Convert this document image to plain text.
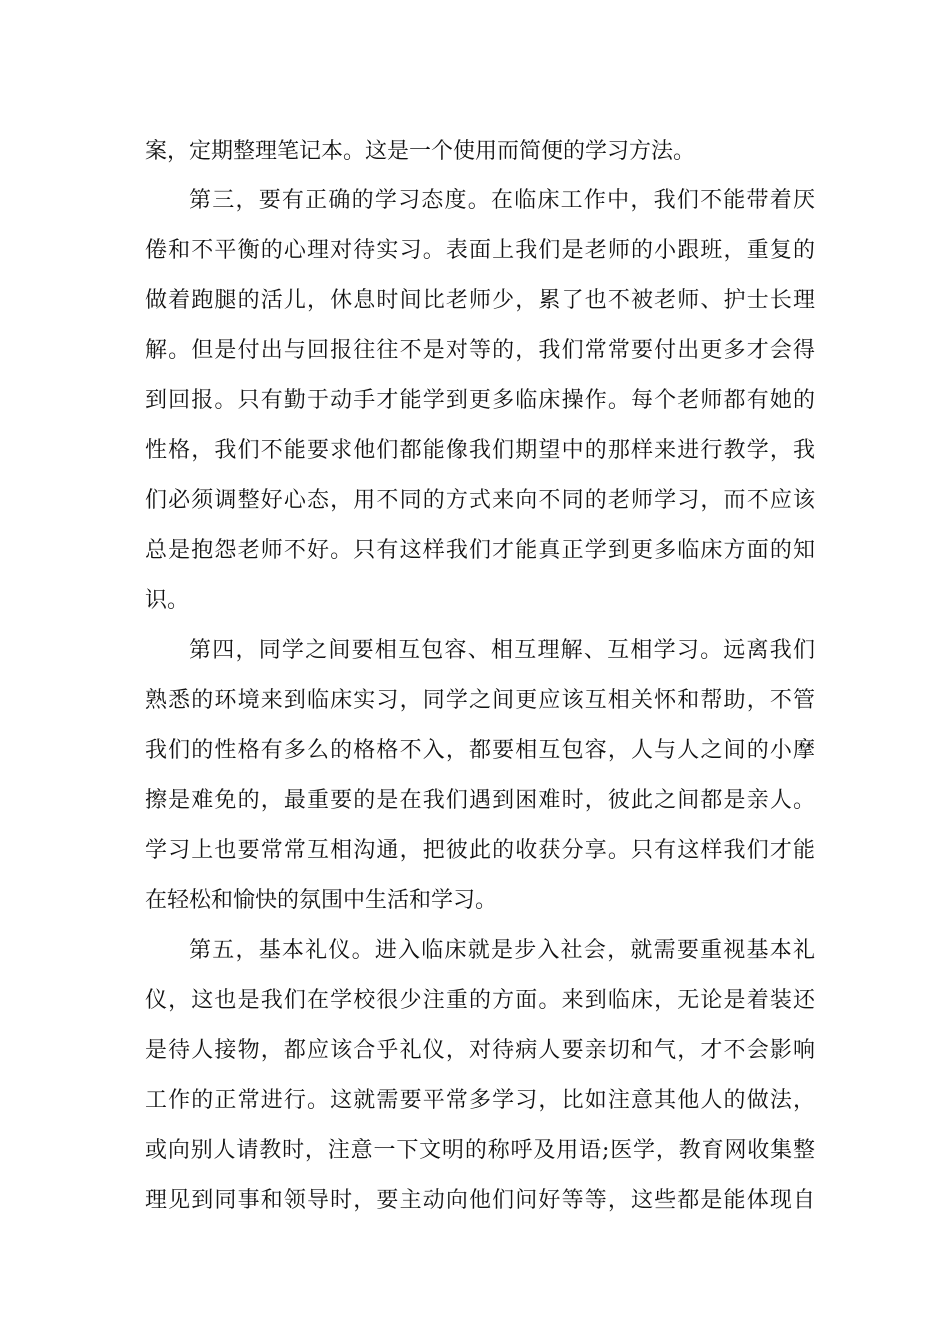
案，定期整理笔记本。这是一个使用而简便的学习方法。
第三，要有正确的学习态度。在临床工作中，我们不能带着厌
倦和不平衡的心理对待实习。表面上我们是老师的小跟班，重复的
做着跑腿的活儿，休息时间比老师少，累了也不被老师、护士长理
解。但是付出与回报往往不是对等的，我们常常要付出更多才会得
到回报。只有勤于动手才能学到更多临床操作。每个老师都有她的
性格，我们不能要求他们都能像我们期望中的那样来进行教学，我
们必须调整好心态，用不同的方式来向不同的老师学习，而不应该
总是抱怨老师不好。只有这样我们才能真正学到更多临床方面的知
识。
第四，同学之间要相互包容、相互理解、互相学习。远离我们
熟悉的环境来到临床实习，同学之间更应该互相关怀和帮助，不管
我们的性格有多么的格格不入，都要相互包容，人与人之间的小摩
擦是难免的，最重要的是在我们遇到困难时，彼此之间都是亲人。
学习上也要常常互相沟通，把彼此的收获分享。只有这样我们才能
在轻松和愉快的氛围中生活和学习。
第五，基本礼仪。进入临床就是步入社会，就需要重视基本礼
仪，这也是我们在学校很少注重的方面。来到临床，无论是着装还
是待人接物，都应该合乎礼仪，对待病人要亲切和气，才不会影响
工作的正常进行。这就需要平常多学习，比如注意其他人的做法，
或向别人请教时，注意一下文明的称呼及用语;医学，教育网收集整
理见到同事和领导时，要主动向他们问好等等，这些都是能体现自
